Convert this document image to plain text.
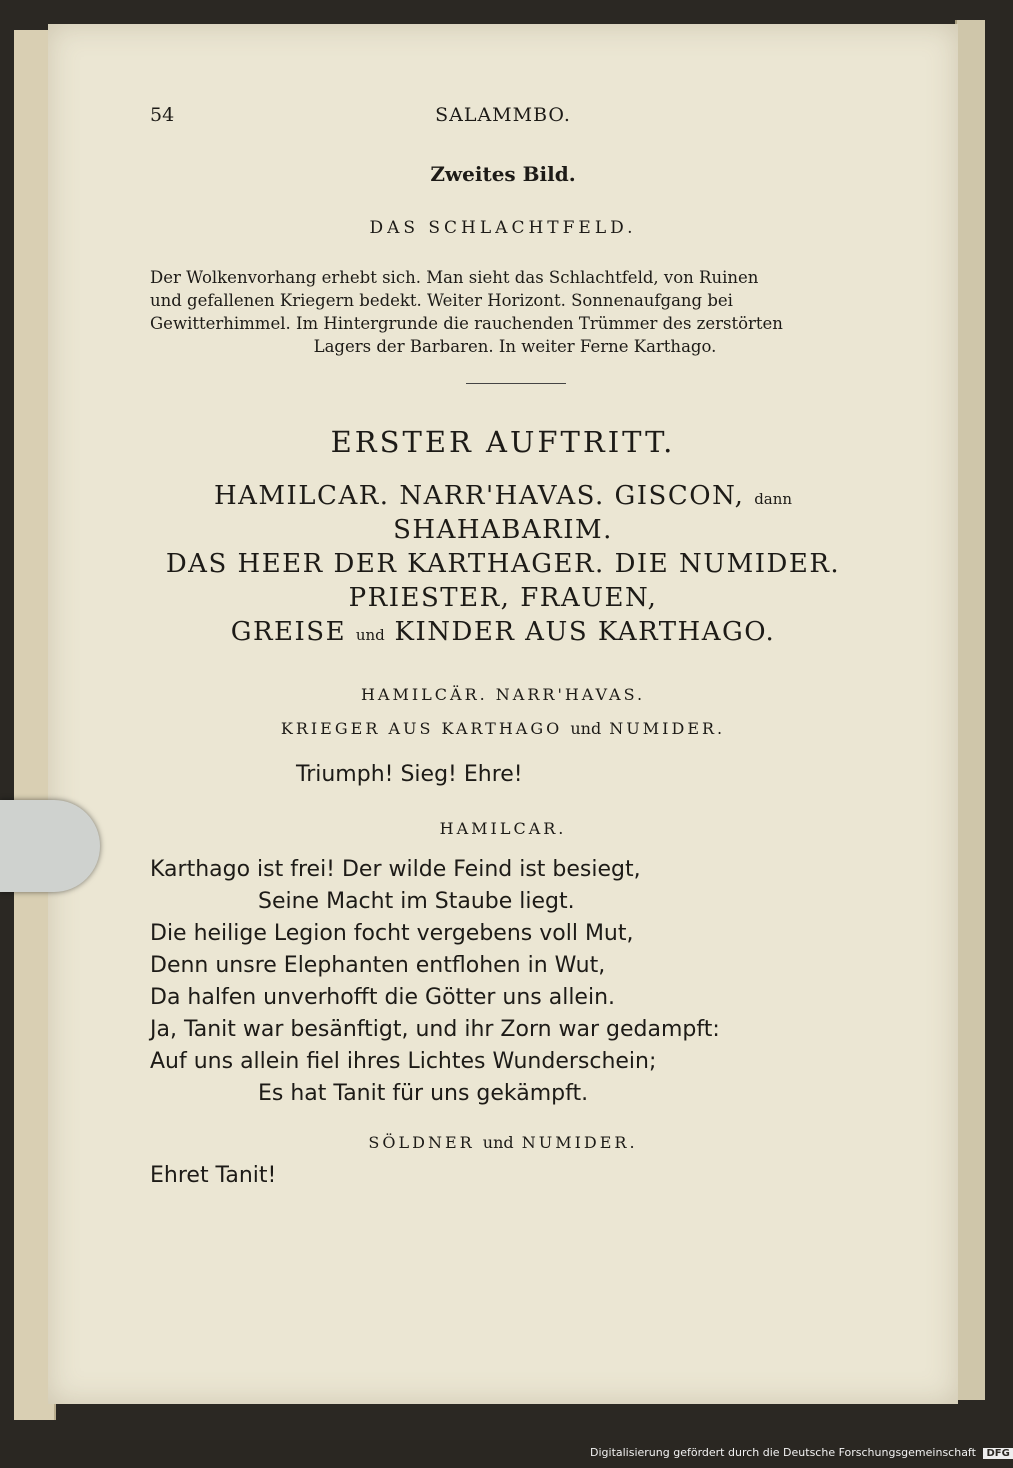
54	SALAMMBO.
Zweites Bild.
DAS SCHLACHTFELD.
Der Wolkenvorhang erhebt sich. Man sieht das Schlachtfeld, von Ruinen
und gefallenen Kriegern bedekt. Weiter Horizont. Sonnenaufgang bei
Gewitterhimmel. Im Hintergrunde die rauchenden Trümmer des zerstörten
Lagers der Barbaren. In weiter Ferne Karthago.
ERSTER AUFTRITT.
HAMILCAR. NARR'HAVAS. GISCON, dann
SHAHABARIM.
DAS HEER DER KARTHAGER. DIE NUMIDER.
PRIESTER, FRAUEN,
GREISE und KINDER AUS KARTHAGO.
HAMILCÄR. NARR'HAVAS.
KRIEGER AUS KARTHAGO und NUMIDER.
Triumph! Sieg! Ehre!
HAMILCAR.
Karthago ist frei! Der wilde Feind ist besiegt,
Seine Macht im Staube liegt.
Die heilige Legion focht vergebens voll Mut,
Denn unsre Elephanten entflohen in Wut,
Da halfen unverhofft die Götter uns allein.
Ja, Tanit war besänftigt, und ihr Zorn war gedampft:
Auf uns allein fiel ihres Lichtes Wunderschein;
Es hat Tanit für uns gekämpft.
SÖLDNER und NUMIDER.
Ehret Tanit!
Digitalisierung gefördert durch die Deutsche Forschungsgemeinschaft DFG
